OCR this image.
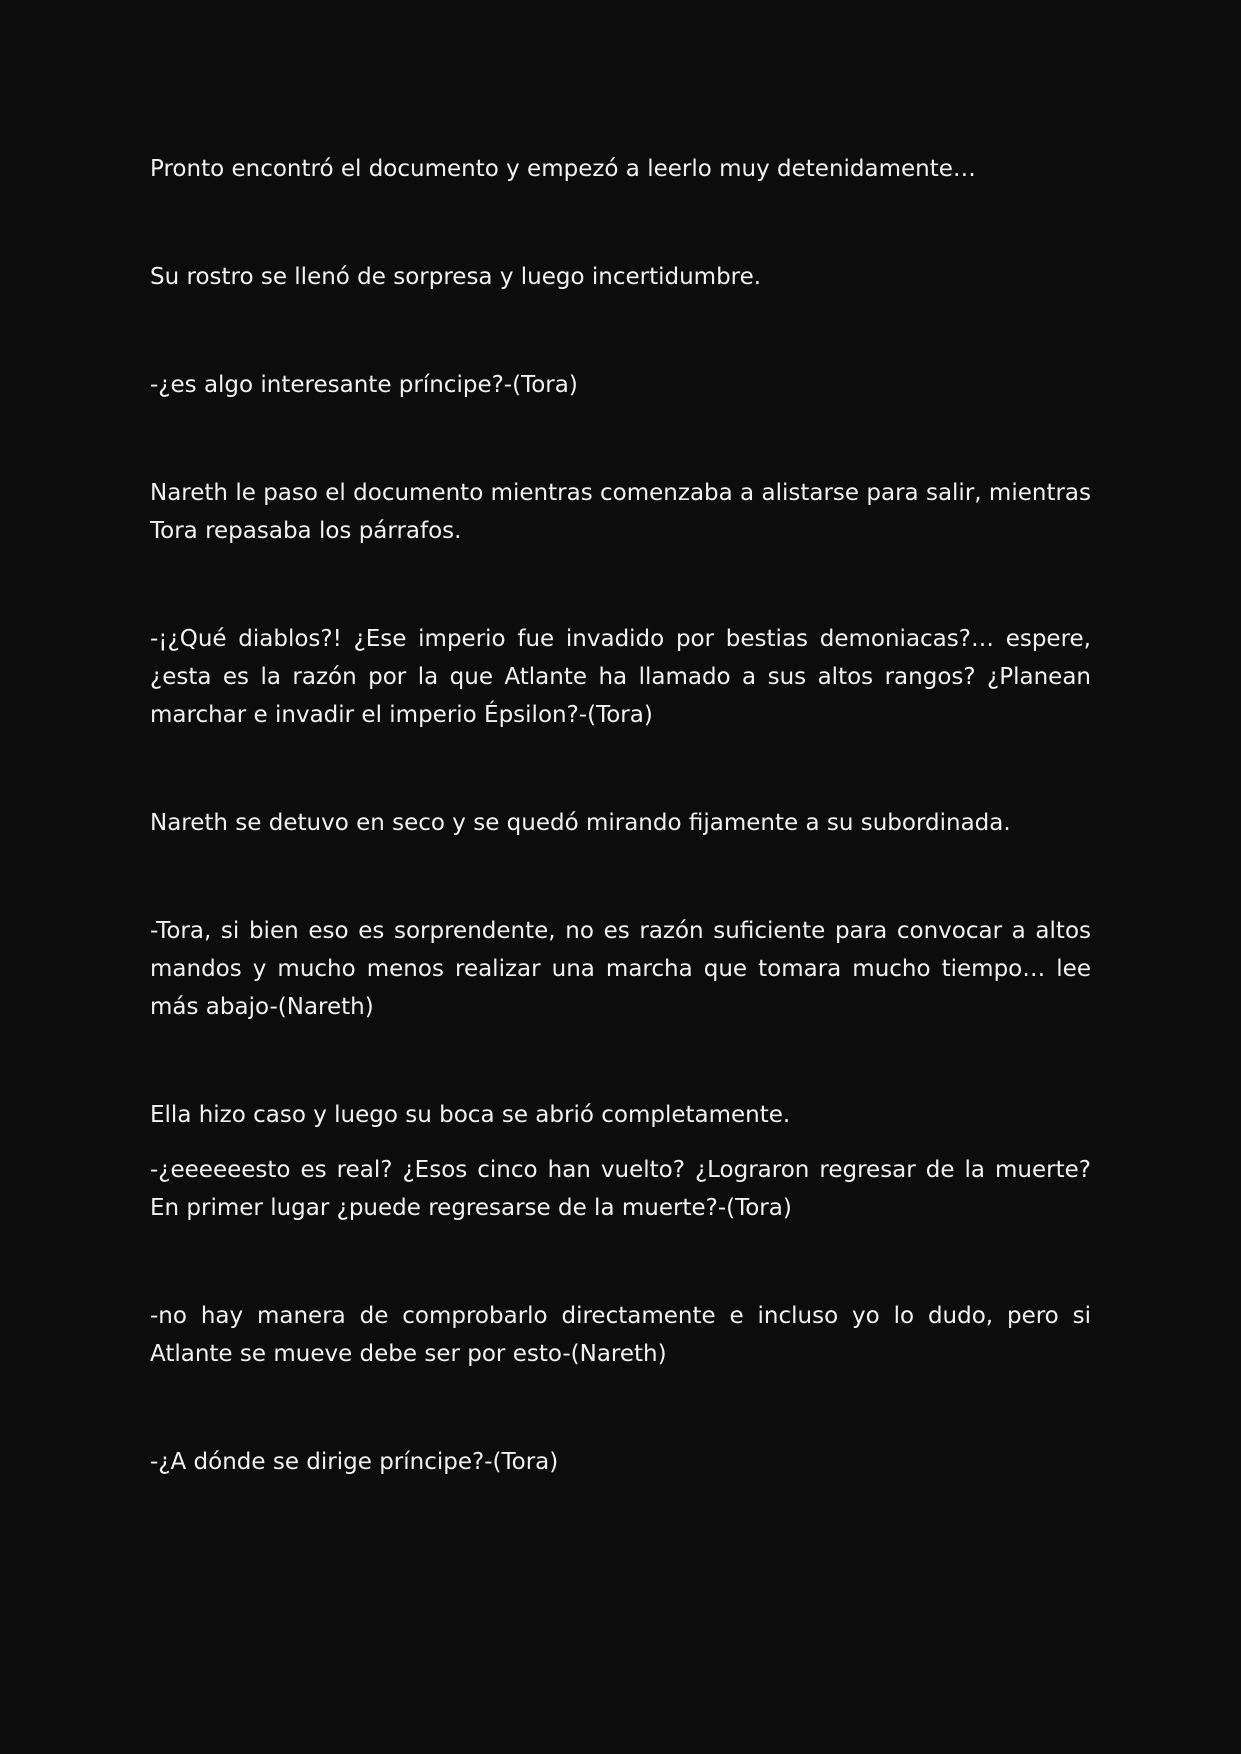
Pronto encontró el documento y empezó a leerlo muy detenidamente…

Su rostro se llenó de sorpresa y luego incertidumbre.

-¿es algo interesante príncipe?-(Tora)

Nareth le paso el documento mientras comenzaba a alistarse para salir, mientras Tora repasaba los párrafos.

-¡¿Qué diablos?! ¿Ese imperio fue invadido por bestias demoniacas?… espere, ¿esta es la razón por la que Atlante ha llamado a sus altos rangos? ¿Planean marchar e invadir el imperio Épsilon?-(Tora)

Nareth se detuvo en seco y se quedó mirando fijamente a su subordinada.

-Tora, si bien eso es sorprendente, no es razón suficiente para convocar a altos mandos y mucho menos realizar una marcha que tomara mucho tiempo… lee más abajo-(Nareth)

Ella hizo caso y luego su boca se abrió completamente.

-¿eeeeeesto es real? ¿Esos cinco han vuelto? ¿Lograron regresar de la muerte? En primer lugar ¿puede regresarse de la muerte?-(Tora)

-no hay manera de comprobarlo directamente e incluso yo lo dudo, pero si Atlante se mueve debe ser por esto-(Nareth)

-¿A dónde se dirige príncipe?-(Tora)
